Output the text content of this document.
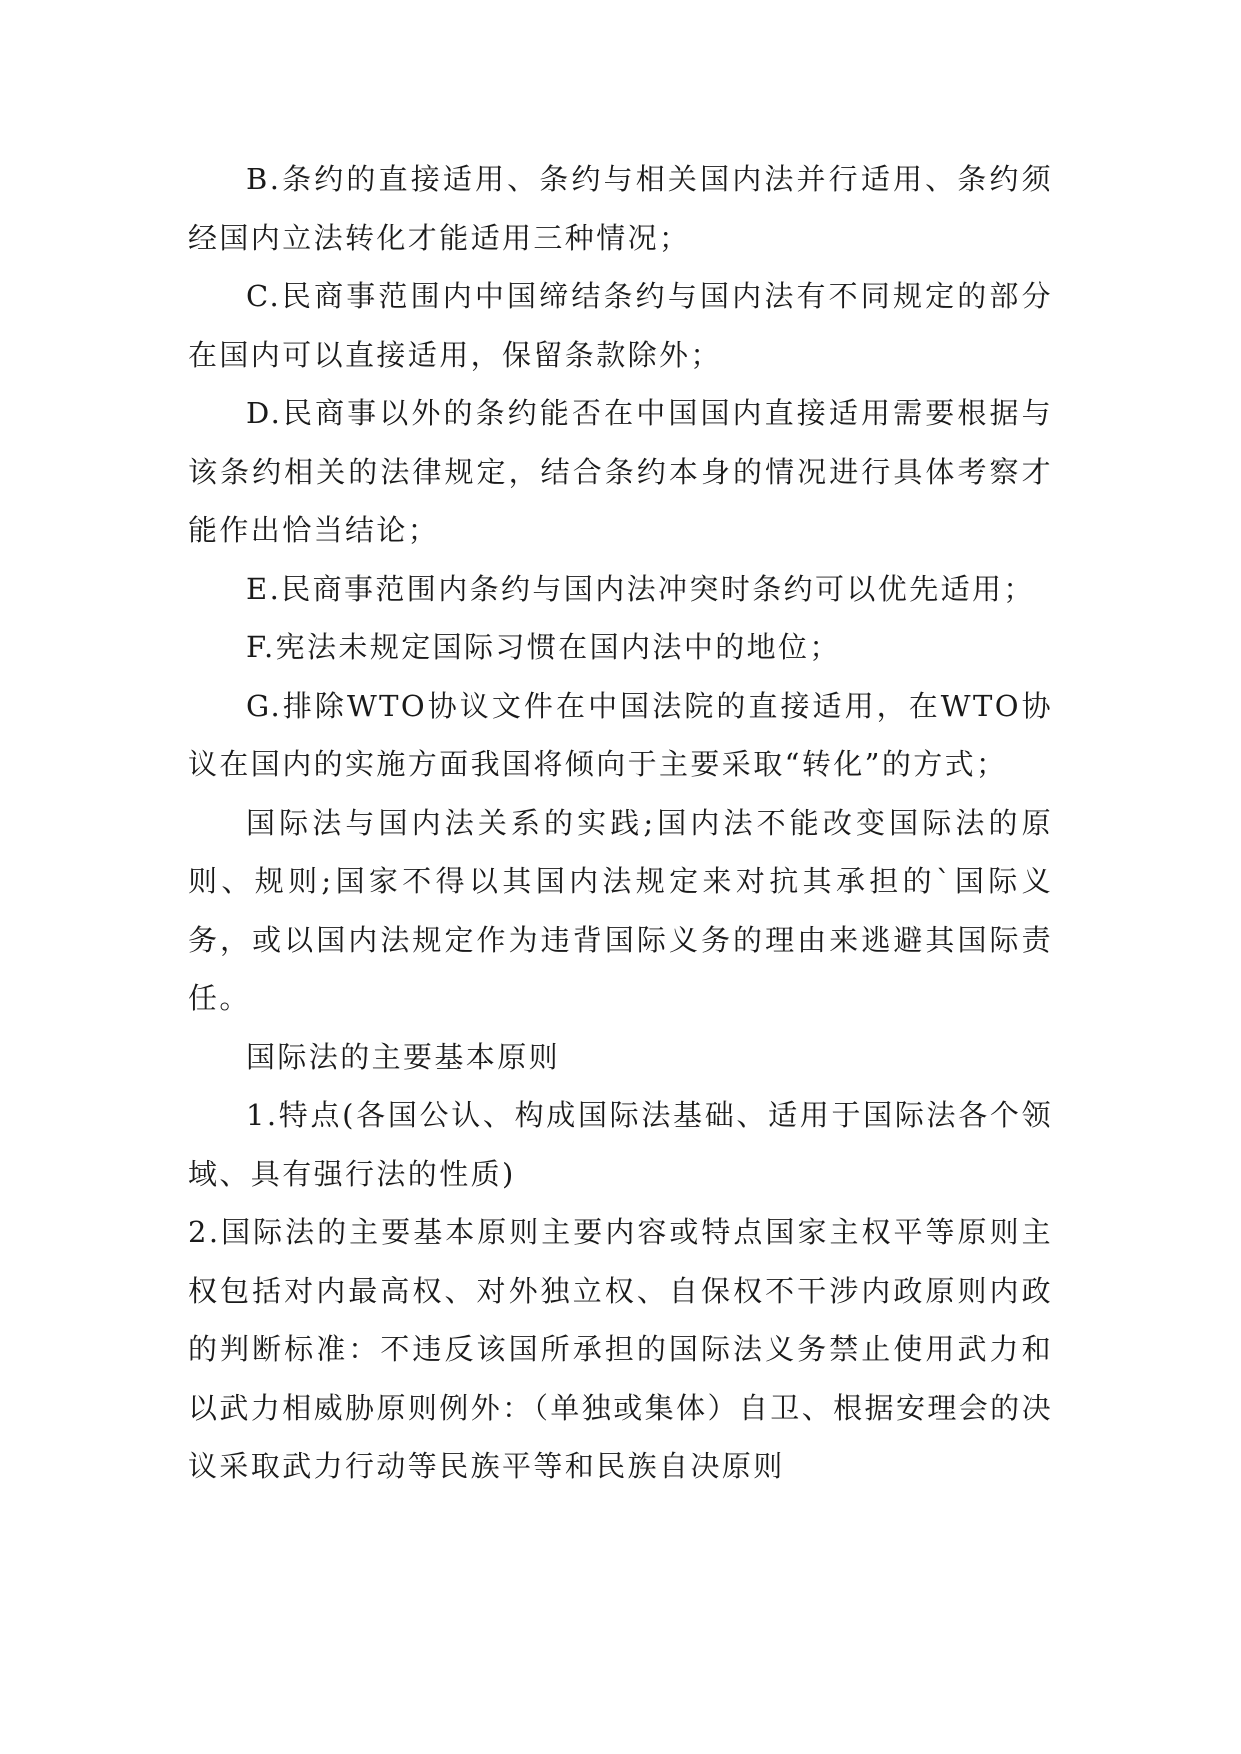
B.条约的直接适用、条约与相关国内法并行适用、条约须经国内立法转化才能适用三种情况；

C.民商事范围内中国缔结条约与国内法有不同规定的部分在国内可以直接适用，保留条款除外；

D.民商事以外的条约能否在中国国内直接适用需要根据与该条约相关的法律规定，结合条约本身的情况进行具体考察才能作出恰当结论；

E.民商事范围内条约与国内法冲突时条约可以优先适用；

F.宪法未规定国际习惯在国内法中的地位；

G.排除WTO协议文件在中国法院的直接适用，在WTO协议在国内的实施方面我国将倾向于主要采取“转化”的方式；

国际法与国内法关系的实践;国内法不能改变国际法的原则、规则;国家不得以其国内法规定来对抗其承担的`国际义务，或以国内法规定作为违背国际义务的理由来逃避其国际责任。

国际法的主要基本原则

1.特点(各国公认、构成国际法基础、适用于国际法各个领域、具有强行法的性质)

2.国际法的主要基本原则主要内容或特点国家主权平等原则主权包括对内最高权、对外独立权、自保权不干涉内政原则内政的判断标准：不违反该国所承担的国际法义务禁止使用武力和以武力相威胁原则例外：（单独或集体）自卫、根据安理会的决议采取武力行动等民族平等和民族自决原则
